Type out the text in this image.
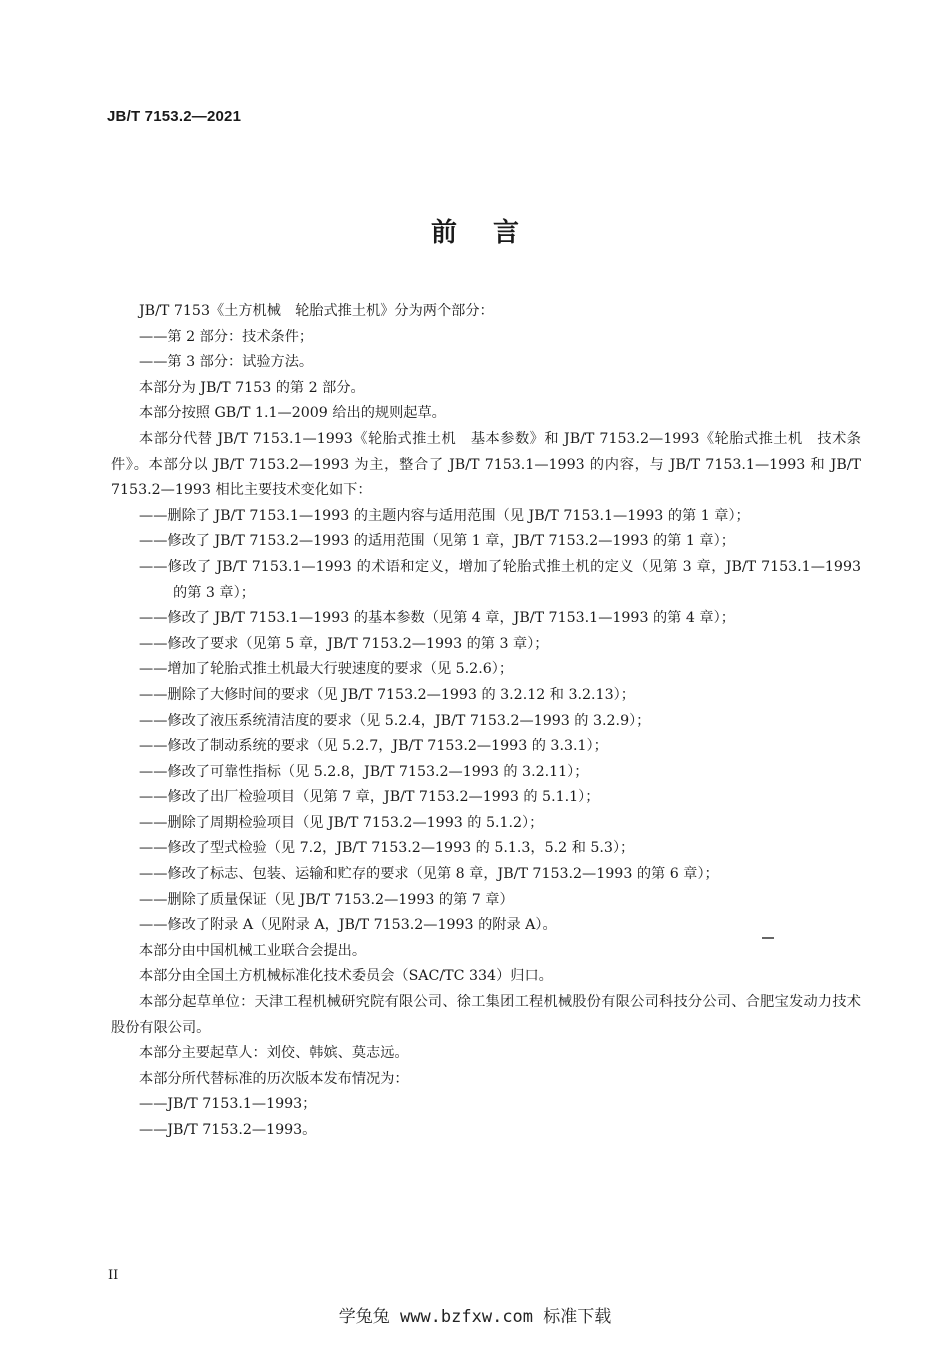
JB/T 7153.2—2021
前言

JB/T 7153《土方机械　轮胎式推土机》分为两个部分：

——第 2 部分：技术条件；

——第 3 部分：试验方法。

本部分为 JB/T 7153 的第 2 部分。

本部分按照 GB/T 1.1—2009 给出的规则起草。

本部分代替 JB/T 7153.1—1993《轮胎式推土机　基本参数》和 JB/T 7153.2—1993《轮胎式推土机　技术条件》。本部分以 JB/T 7153.2—1993 为主，整合了 JB/T 7153.1—1993 的内容，与 JB/T 7153.1—1993 和 JB/T 7153.2—1993 相比主要技术变化如下：

——删除了 JB/T 7153.1—1993 的主题内容与适用范围（见 JB/T 7153.1—1993 的第 1 章）；

——修改了 JB/T 7153.2—1993 的适用范围（见第 1 章，JB/T 7153.2—1993 的第 1 章）；

——修改了 JB/T 7153.1—1993 的术语和定义，增加了轮胎式推土机的定义（见第 3 章，JB/T 7153.1—1993 的第 3 章）；

——修改了 JB/T 7153.1—1993 的基本参数（见第 4 章，JB/T 7153.1—1993 的第 4 章）；

——修改了要求（见第 5 章，JB/T 7153.2—1993 的第 3 章）；

——增加了轮胎式推土机最大行驶速度的要求（见 5.2.6）；

——删除了大修时间的要求（见 JB/T 7153.2—1993 的 3.2.12 和 3.2.13）；

——修改了液压系统清洁度的要求（见 5.2.4，JB/T 7153.2—1993 的 3.2.9）；

——修改了制动系统的要求（见 5.2.7，JB/T 7153.2—1993 的 3.3.1）；

——修改了可靠性指标（见 5.2.8，JB/T 7153.2—1993 的 3.2.11）；

——修改了出厂检验项目（见第 7 章，JB/T 7153.2—1993 的 5.1.1）；

——删除了周期检验项目（见 JB/T 7153.2—1993 的 5.1.2）；

——修改了型式检验（见 7.2，JB/T 7153.2—1993 的 5.1.3，5.2 和 5.3）；

——修改了标志、包装、运输和贮存的要求（见第 8 章，JB/T 7153.2—1993 的第 6 章）；

——删除了质量保证（见 JB/T 7153.2—1993 的第 7 章）

——修改了附录 A（见附录 A，JB/T 7153.2—1993 的附录 A）。

本部分由中国机械工业联合会提出。

本部分由全国土方机械标准化技术委员会（SAC/TC 334）归口。

本部分起草单位：天津工程机械研究院有限公司、徐工集团工程机械股份有限公司科技分公司、合肥宝发动力技术股份有限公司。

本部分主要起草人：刘佼、韩嫔、莫志远。

本部分所代替标准的历次版本发布情况为：

——JB/T 7153.1—1993；

——JB/T 7153.2—1993。

II
学兔兔 www.bzfxw.com 标准下载
